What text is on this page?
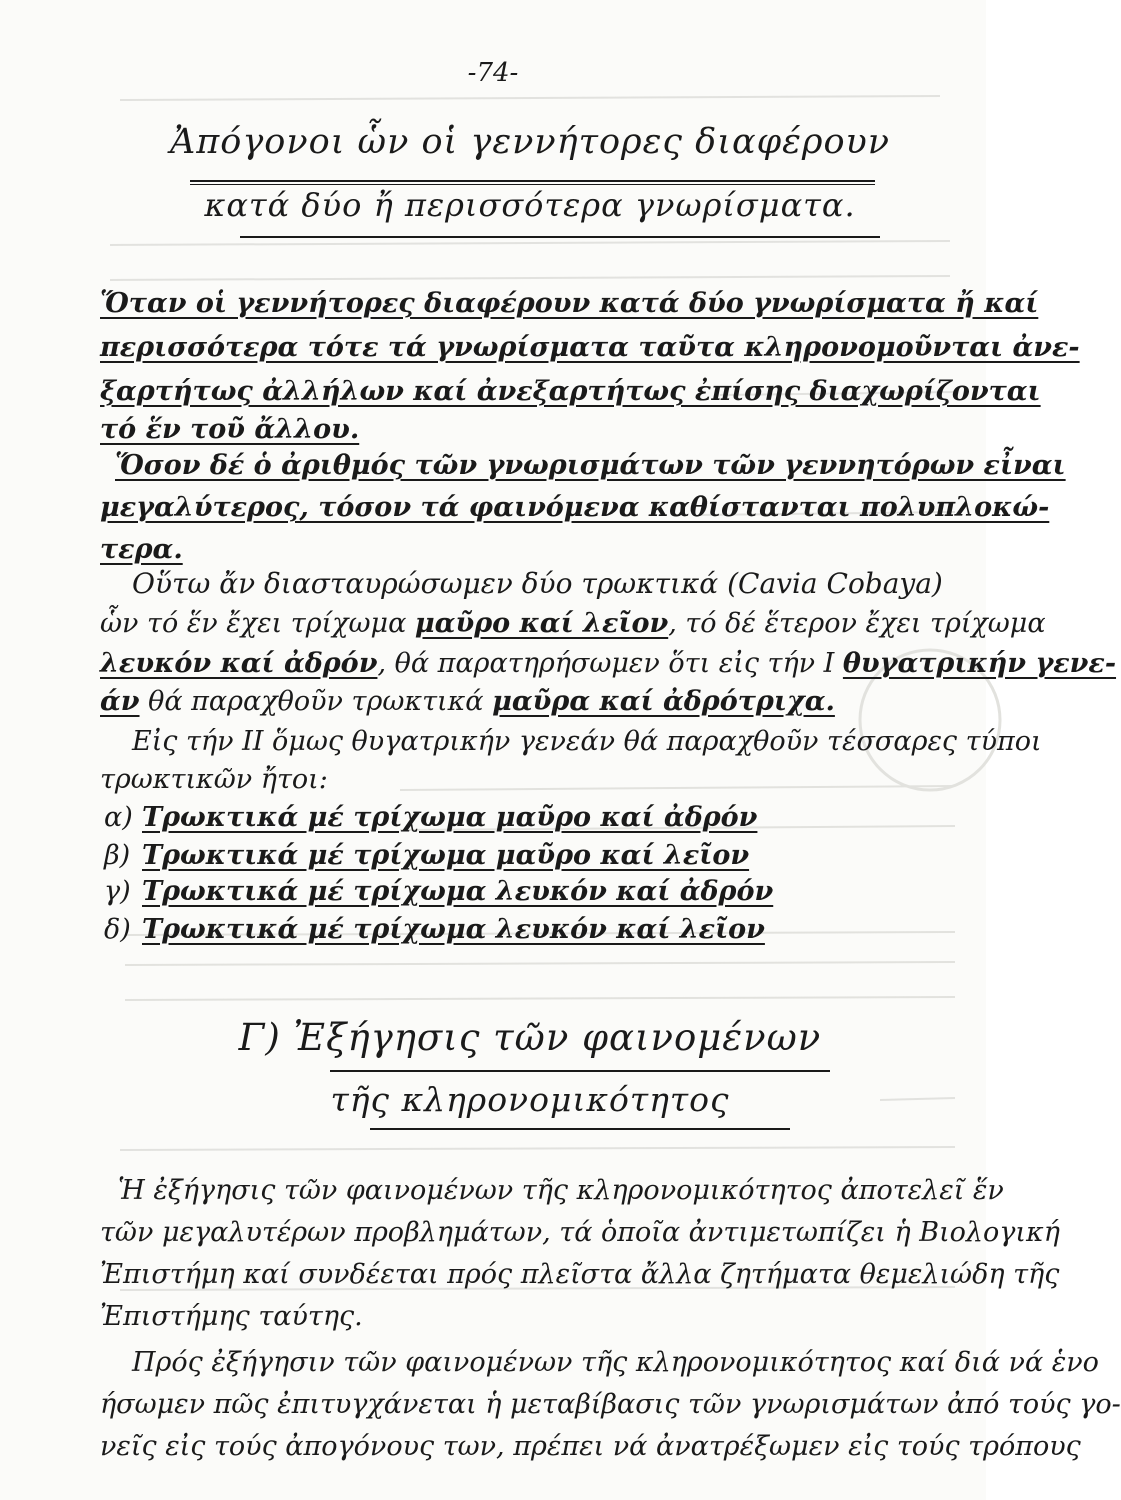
-74-
Ἀπόγονοι ὧν οἱ γεννήτορες διαφέρουν
κατά δύο ἤ περισσότερα γνωρίσματα.
Ὅταν οἱ γεννήτορες διαφέρουν κατά δύο γνωρίσματα ἤ καί
περισσότερα τότε τά γνωρίσματα ταῦτα κληρονομοῦνται ἀνε-
ξαρτήτως ἀλλήλων καί ἀνεξαρτήτως ἐπίσης διαχωρίζονται
τό ἕν τοῦ ἄλλου.
Ὅσον δέ ὁ ἀριθμός τῶν γνωρισμάτων τῶν γεννητόρων εἶναι
μεγαλύτερος, τόσον τά φαινόμενα καθίστανται πολυπλοκώ-
τερα.
Οὕτω ἄν διασταυρώσωμεν δύο τρωκτικά (Cavia Cobaya)
ὧν τό ἕν ἔχει τρίχωμα μαῦρο καί λεῖον, τό δέ ἕτερον ἔχει τρίχωμα
λευκόν καί ἀδρόν, θά παρατηρήσωμεν ὅτι εἰς τήν Ι θυγατρικήν γενε-
άν θά παραχθοῦν τρωκτικά μαῦρα καί ἀδρότριχα.
Εἰς τήν ΙΙ ὅμως θυγατρικήν γενεάν θά παραχθοῦν τέσσαρες τύποι
τρωκτικῶν ἤτοι:
α) Τρωκτικά μέ τρίχωμα μαῦρο καί ἀδρόν
β) Τρωκτικά μέ τρίχωμα μαῦρο καί λεῖον
γ) Τρωκτικά μέ τρίχωμα λευκόν καί ἀδρόν
δ) Τρωκτικά μέ τρίχωμα λευκόν καί λεῖον
Γ) Ἐξήγησις τῶν φαινομένων
τῆς κληρονομικότητος
Ἡ ἐξήγησις τῶν φαινομένων τῆς κληρονομικότητος ἀποτελεῖ ἕν
τῶν μεγαλυτέρων προβλημάτων, τά ὁποῖα ἀντιμετωπίζει ἡ Βιολογική
Ἐπιστήμη καί συνδέεται πρός πλεῖστα ἄλλα ζητήματα θεμελιώδη τῆς
Ἐπιστήμης ταύτης.
Πρός ἐξήγησιν τῶν φαινομένων τῆς κληρονομικότητος καί διά νά ἑνο
ήσωμεν πῶς ἐπιτυγχάνεται ἡ μεταβίβασις τῶν γνωρισμάτων ἀπό τούς γο-
νεῖς εἰς τούς ἀπογόνους των, πρέπει νά ἀνατρέξωμεν εἰς τούς τρόπους
